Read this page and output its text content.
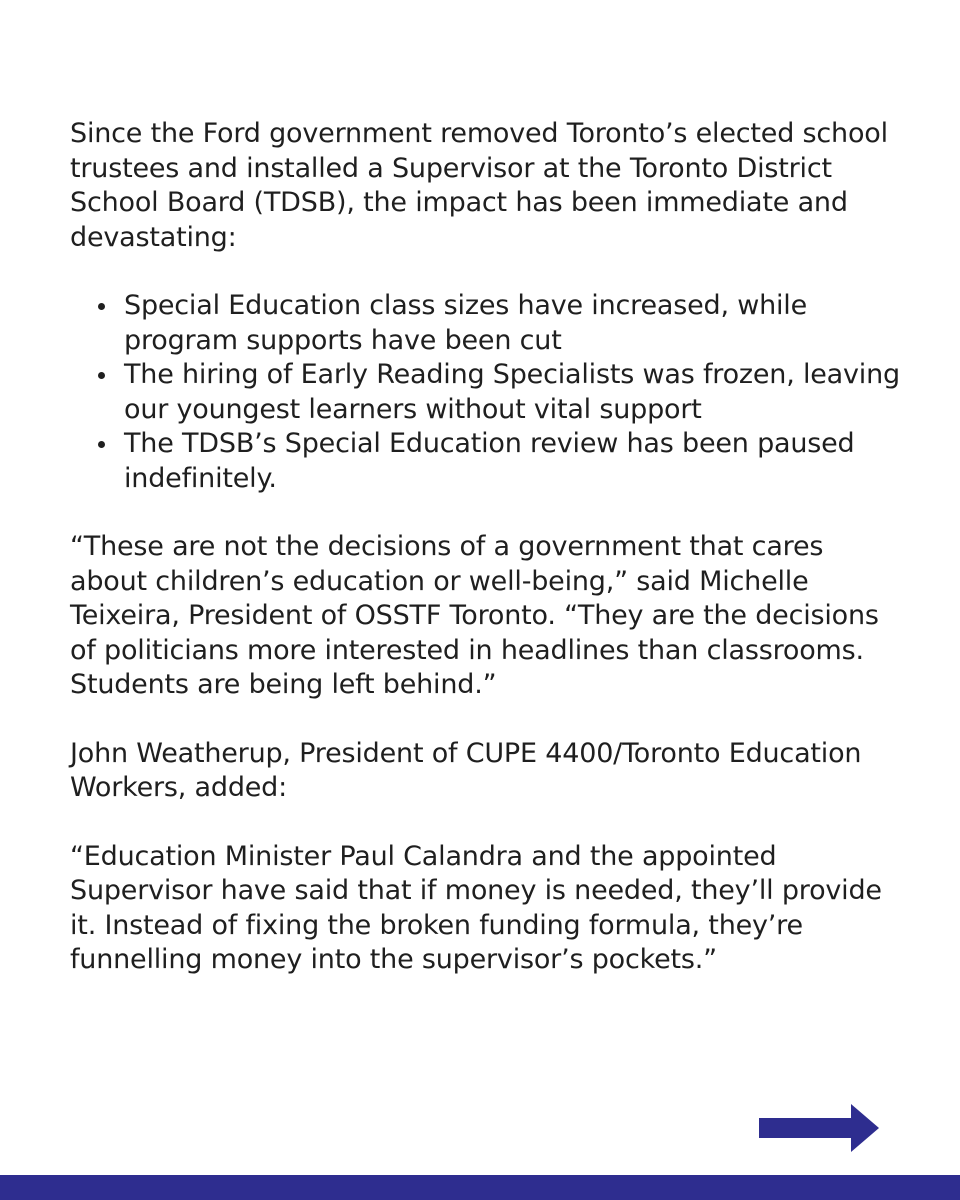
Since the Ford government removed Toronto’s elected school trustees and installed a Supervisor at the Toronto District School Board (TDSB), the impact has been immediate and devastating:

Special Education class sizes have increased, while program supports have been cut
The hiring of Early Reading Specialists was frozen, leaving our youngest learners without vital support
The TDSB’s Special Education review has been paused indefinitely.

“These are not the decisions of a government that cares about children’s education or well-being,” said Michelle Teixeira, President of OSSTF Toronto. “They are the decisions of politicians more interested in headlines than classrooms. Students are being left behind.”

John Weatherup, President of CUPE 4400/Toronto Education Workers, added:

“Education Minister Paul Calandra and the appointed Supervisor have said that if money is needed, they’ll provide it. Instead of fixing the broken funding formula, they’re funnelling money into the supervisor’s pockets.”
